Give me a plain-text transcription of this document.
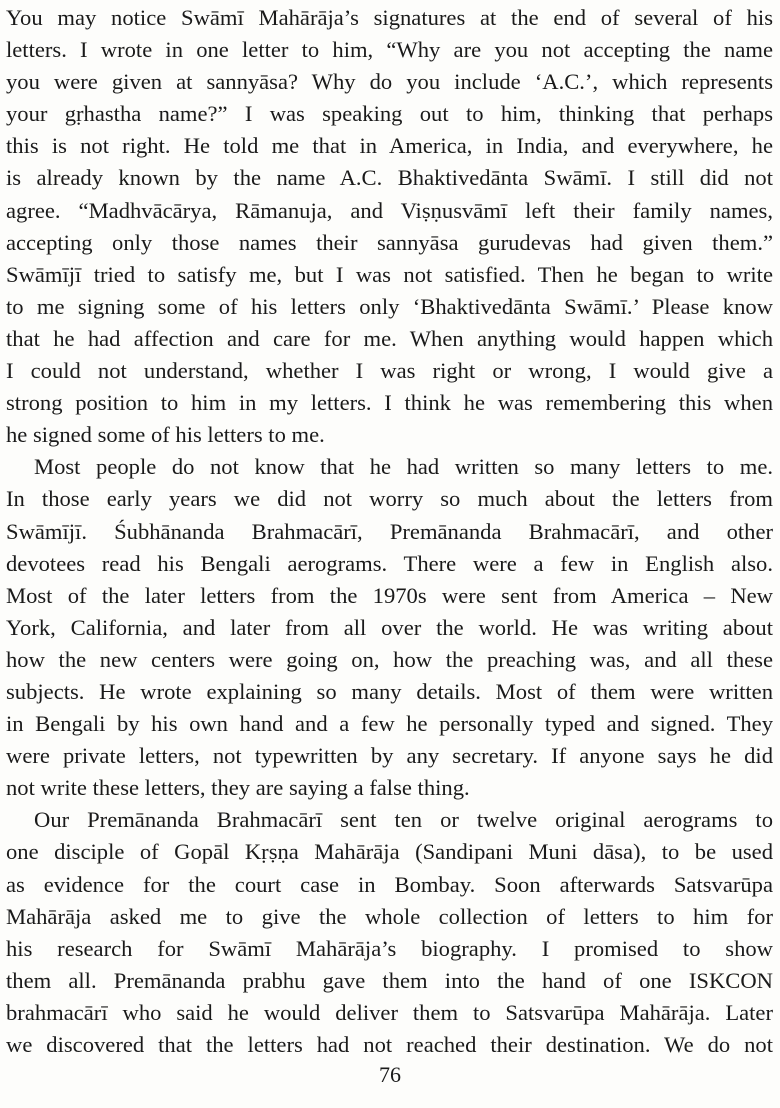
You may notice Swāmī Mahārāja’s signatures at the end of several of his
letters. I wrote in one letter to him, “Why are you not accepting the name
you were given at sannyāsa? Why do you include ‘A.C.’, which represents
your gṛhastha name?” I was speaking out to him, thinking that perhaps
this is not right. He told me that in America, in India, and everywhere, he
is already known by the name A.C. Bhaktivedānta Swāmī. I still did not
agree. “Madhvācārya, Rāmanuja, and Viṣṇusvāmī left their family names,
accepting only those names their sannyāsa gurudevas had given them.”
Swāmījī tried to satisfy me, but I was not satisfied. Then he began to write
to me signing some of his letters only ‘Bhaktivedānta Swāmī.’ Please know
that he had affection and care for me. When anything would happen which
I could not understand, whether I was right or wrong, I would give a
strong position to him in my letters. I think he was remembering this when
he signed some of his letters to me.
Most people do not know that he had written so many letters to me.
In those early years we did not worry so much about the letters from
Swāmījī. Śubhānanda Brahmacārī, Premānanda Brahmacārī, and other
devotees read his Bengali aerograms. There were a few in English also.
Most of the later letters from the 1970s were sent from America – New
York, California, and later from all over the world. He was writing about
how the new centers were going on, how the preaching was, and all these
subjects. He wrote explaining so many details. Most of them were written
in Bengali by his own hand and a few he personally typed and signed. They
were private letters, not typewritten by any secretary. If anyone says he did
not write these letters, they are saying a false thing.
Our Premānanda Brahmacārī sent ten or twelve original aerograms to
one disciple of Gopāl Kṛṣṇa Mahārāja (Sandipani Muni dāsa), to be used
as evidence for the court case in Bombay. Soon afterwards Satsvarūpa
Mahārāja asked me to give the whole collection of letters to him for
his research for Swāmī Mahārāja’s biography. I promised to show
them all. Premānanda prabhu gave them into the hand of one ISKCON
brahmacārī who said he would deliver them to Satsvarūpa Mahārāja. Later
we discovered that the letters had not reached their destination. We do not
76
